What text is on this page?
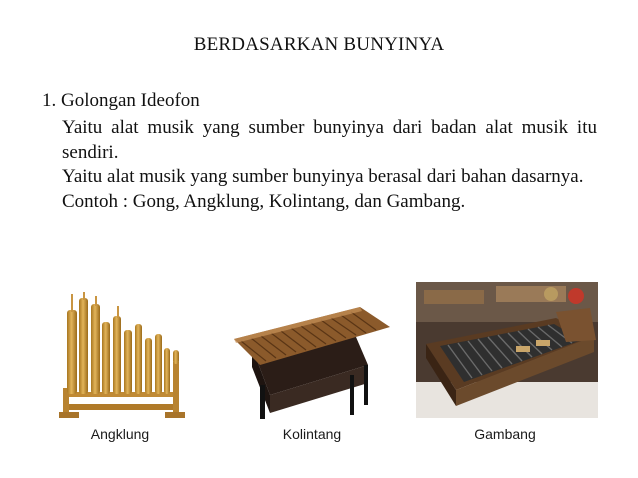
BERDASARKAN BUNYINYA
1. Golongan Ideofon

Yaitu alat musik yang sumber bunyinya dari badan alat musik itu sendiri.

Yaitu alat musik yang sumber bunyinya berasal dari bahan dasarnya.

Contoh : Gong, Angklung, Kolintang, dan Gambang.

Angklung	Kolintang	Gambang
